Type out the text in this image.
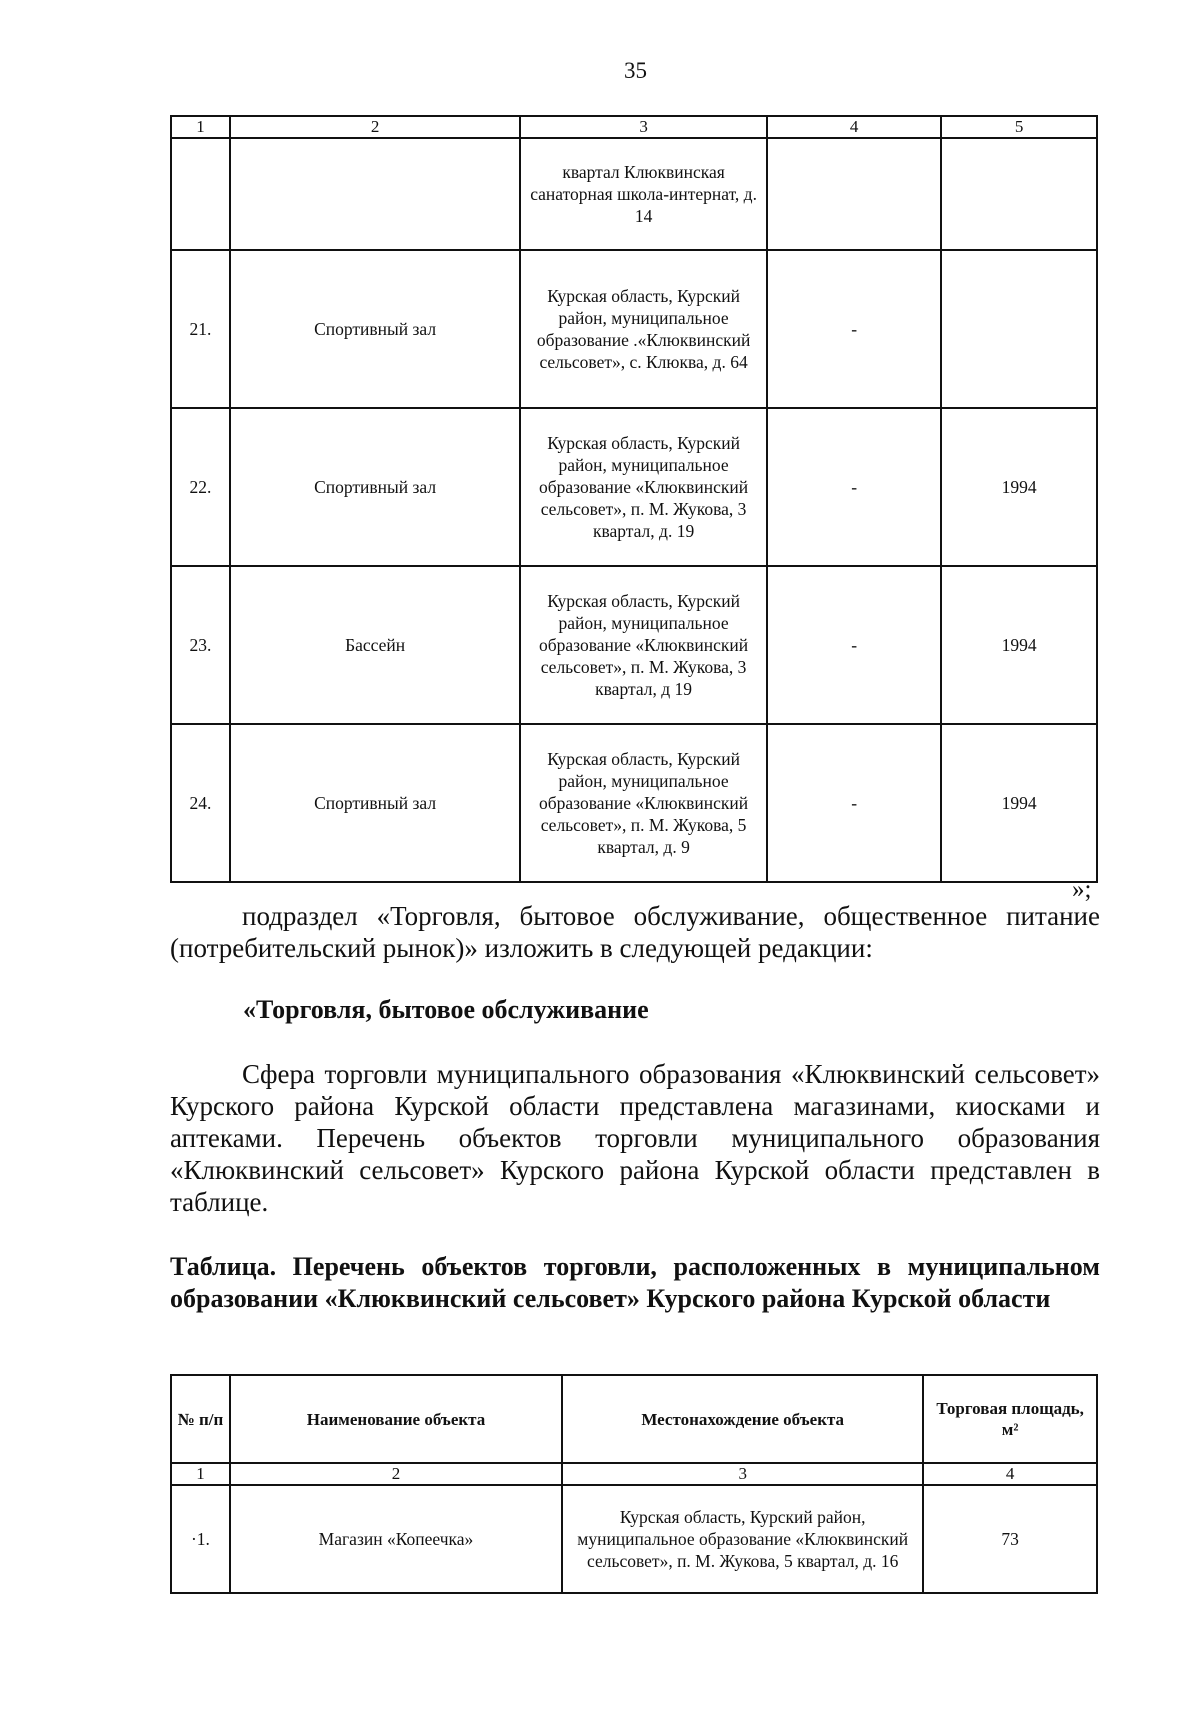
35
1	2	3	4	5
		квартал Клюквинская санаторная школа-интернат, д. 14		
21.	Спортивный зал	Курская область, Курский район, муниципальное образование .«Клюквинский сельсовет», с. Клюква, д. 64	-	
22.	Спортивный зал	Курская область, Курский район, муниципальное образование «Клюквинский сельсовет», п. М. Жукова, 3 квартал, д. 19	-	1994
23.	Бассейн	Курская область, Курский район, муниципальное образование «Клюквинский сельсовет», п. М. Жукова, 3 квартал, д 19	-	1994
24.	Спортивный зал	Курская область, Курский район, муниципальное образование «Клюквинский сельсовет», п. М. Жукова, 5 квартал, д. 9	-	1994
»;
подраздел «Торговля, бытовое обслуживание, общественное питание (потребительский рынок)» изложить в следующей редакции:
«Торговля, бытовое обслуживание
Сфера торговли муниципального образования «Клюквинский сельсовет» Курского района Курской области представлена магазинами, киосками и аптеками. Перечень объектов торговли муниципального образования «Клюквинский сельсовет» Курского района Курской области представлен в таблице.
Таблица. Перечень объектов торговли, расположенных в муниципальном образовании «Клюквинский сельсовет» Курского района Курской области
№ п/п	Наименование объекта	Местонахождение объекта	Торговая площадь, м²
1	2	3	4
·1.	Магазин «Копеечка»	Курская область, Курский район, муниципальное образование «Клюквинский сельсовет», п. М. Жукова, 5 квартал, д. 16	73
